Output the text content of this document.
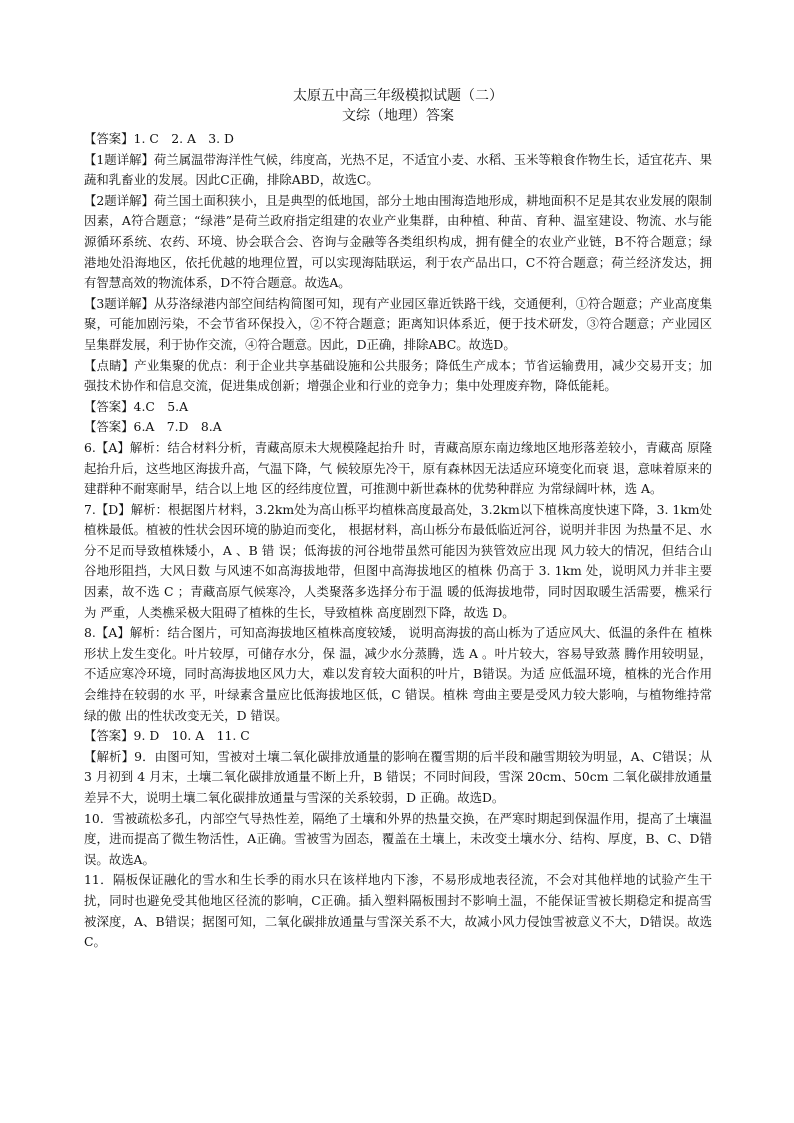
太原五中高三年级模拟试题（二）
文综（地理）答案

【答案】1. C　2. A　3. D

【1题详解】荷兰属温带海洋性气候，纬度高，光热不足，不适宜小麦、水稻、玉米等粮食作物生长，适宜花卉、果蔬和乳畜业的发展。因此C正确，排除ABD，故选C。

【2题详解】荷兰国土面积狭小，且是典型的低地国，部分土地由围海造地形成，耕地面积不足是其农业发展的限制因素，A符合题意；“绿港”是荷兰政府指定组建的农业产业集群，由种植、种苗、育种、温室建设、物流、水与能源循环系统、农药、环境、协会联合会、咨询与金融等各类组织构成，拥有健全的农业产业链，B不符合题意；绿港地处沿海地区，依托优越的地理位置，可以实现海陆联运，利于农产品出口，C不符合题意；荷兰经济发达，拥有智慧高效的物流体系，D不符合题意。故选A。

【3题详解】从芬洛绿港内部空间结构简图可知，现有产业园区靠近铁路干线，交通便利，①符合题意；产业高度集聚，可能加剧污染，不会节省环保投入，②不符合题意；距离知识体系近，便于技术研发，③符合题意；产业园区呈集群发展，利于协作交流，④符合题意。因此，D正确，排除ABC。故选D。

【点睛】产业集聚的优点：利于企业共享基础设施和公共服务；降低生产成本；节省运输费用，减少交易开支；加强技术协作和信息交流，促进集成创新；增强企业和行业的竞争力；集中处理废弃物，降低能耗。

【答案】4.C　5.A

【答案】6.A　7.D　8.A

6.【A】解析：结合材料分析，青藏高原未大规模隆起抬升 时，青藏高原东南边缘地区地形落差较小，青藏高 原隆起抬升后，这些地区海拔升高，气温下降，气 候较原先冷干，原有森林因无法适应环境变化而衰 退，意味着原来的建群种不耐寒耐旱，结合以上地 区的经纬度位置，可推测中新世森林的优势种群应 为常绿阔叶林，选 A。

7.【D】解析：根据图片材料，3.2km处为高山栎平均植株高度最高处，3.2km以下植株高度快速下降，3. 1km处植株最低。植被的性状会因环境的胁迫而变化， 根据材料，高山栎分布最低临近河谷，说明并非因 为热量不足、水分不足而导致植株矮小，A 、B 错 误；低海拔的河谷地带虽然可能因为狭管效应出现 风力较大的情况，但结合山谷地形阻挡，大风日数 与风速不如高海拔地带，但图中高海拔地区的植株 仍高于 3. 1km 处，说明风力并非主要因素，故不选 C ；青藏高原气候寒冷，人类聚落多选择分布于温 暖的低海拔地带，同时因取暖生活需要，樵采行为 严重，人类樵采极大阻碍了植株的生长，导致植株 高度剧烈下降，故选 D。

8.【A】解析：结合图片，可知高海拔地区植株高度较矮， 说明高海拔的高山栎为了适应风大、低温的条件在 植株形状上发生变化。叶片较厚，可储存水分，保 温，减少水分蒸腾，选 A 。叶片较大，容易导致蒸 腾作用较明显，不适应寒冷环境，同时高海拔地区风力大，难以发育较大面积的叶片，B错误。为适 应低温环境，植株的光合作用会维持在较弱的水 平，叶绿素含量应比低海拔地区低，C 错误。植株 弯曲主要是受风力较大影响，与植物维持常绿的傲 出的性状改变无关，D 错误。

【答案】9. D　10. A　11. C

【解析】9．由图可知，雪被对土壤二氧化碳排放通量的影响在覆雪期的后半段和融雪期较为明显，A、C错误；从 3 月初到 4 月末，土壤二氧化碳排放通量不断上升，B 错误；不同时间段，雪深 20cm、50cm 二氧化碳排放通量差异不大，说明土壤二氧化碳排放通量与雪深的关系较弱，D 正确。故选D。

10．雪被疏松多孔，内部空气导热性差，隔绝了土壤和外界的热量交换，在严寒时期起到保温作用，提高了土壤温度，进而提高了微生物活性，A正确。雪被雪为固态，覆盖在土壤上，未改变土壤水分、结构、厚度，B、C、D错误。故选A。

11．隔板保证融化的雪水和生长季的雨水只在该样地内下渗，不易形成地表径流，不会对其他样地的试验产生干扰，同时也避免受其他地区径流的影响，C正确。插入塑料隔板围封不影响土温，不能保证雪被长期稳定和提高雪被深度，A、B错误；据图可知，二氧化碳排放通量与雪深关系不大，故减小风力侵蚀雪被意义不大，D错误。故选C。
